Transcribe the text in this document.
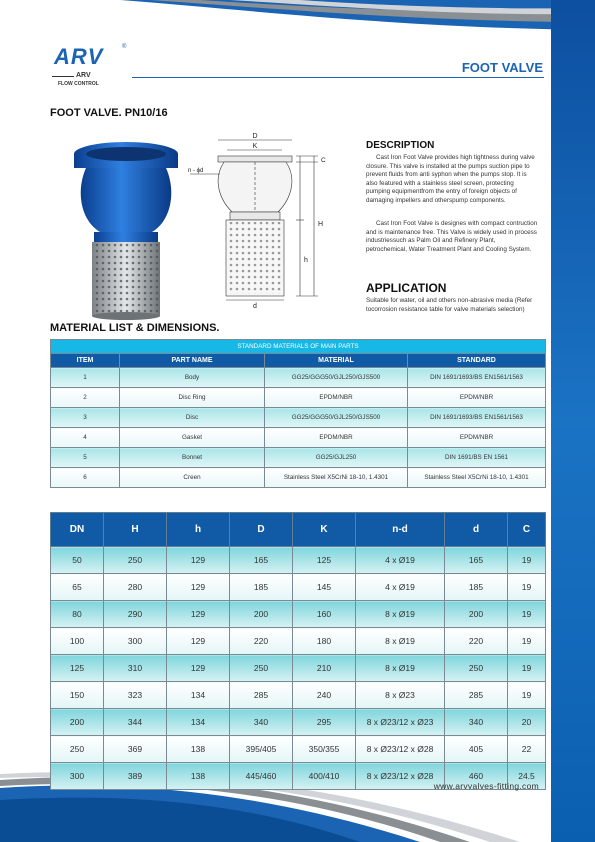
ARV	®
ARV
FLOW CONTROL
FOOT VALVE
FOOT VALVE. PN10/16
D
K
C
H
h
d
n - ϕd
DESCRIPTION
Cast Iron Foot Valve provides high tightness during valve closure. This valve is installed at the pumps suction pipe to prevent fluids from anti syphon when the pumps stop. It is also featured with a stainless steel screen, protecting pumping equipmentfrom the entry of foreign objects of damaging impellers and otherspump components.
Cast Iron Foot Valve is designes with compact contruction and is maintenance free. This Valve is widely used in process industriessuch as Palm Oil and Refinery Plant, petrochemical, Water Treatment Plant and Cooling System.
APPLICATION
Suitable for water, oil and others non-abrasive media (Refer tocorrosion resistance table for valve materials selection)
MATERIAL LIST & DIMENSIONS.
STANDARD MATERIALS OF MAIN PARTS			
ITEM	PART NAME	MATERIAL	STANDARD
1	Body	GG25/GGG50/GJL250/GJS500	DIN 1691/1693/BS EN1561/1563
2	Disc Ring	EPDM/NBR	EPDM/NBR
3	Disc	GG25/GGG50/GJL250/GJS500	DIN 1691/1693/BS EN1561/1563
4	Gasket	EPDM/NBR	EPDM/NBR
5	Bonnet	GG25/GJL250	DIN 1691/BS EN 1561
6	Creen	Stainless Steel X5CrNi 18-10, 1.4301	Stainless Steel X5CrNi 18-10, 1.4301
DN	H	h	D	K	n-d	d	C
50	250	129	165	125	4 x Ø19	165	19
65	280	129	185	145	4 x Ø19	185	19
80	290	129	200	160	8 x Ø19	200	19
100	300	129	220	180	8 x Ø19	220	19
125	310	129	250	210	8 x Ø19	250	19
150	323	134	285	240	8 x Ø23	285	19
200	344	134	340	295	8 x Ø23/12 x Ø23	340	20
250	369	138	395/405	350/355	8 x Ø23/12 x Ø28	405	22
300	389	138	445/460	400/410	8 x Ø23/12 x Ø28	460	24.5
www.arvvalves-fitting.com
